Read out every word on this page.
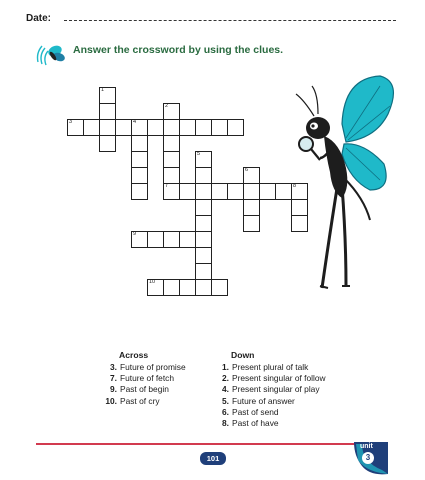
Date:
Answer the crossword by using the clues.
1
2
7
3	4
5
6
8
9
10
Across
3. Future of promise
7. Future of fetch
9. Past of begin
10. Past of cry
Down
1. Present plural of talk
2. Present singular of follow
4. Present singular of play
5. Future of answer
6. Past of send
8. Past of have
101
unit
3
